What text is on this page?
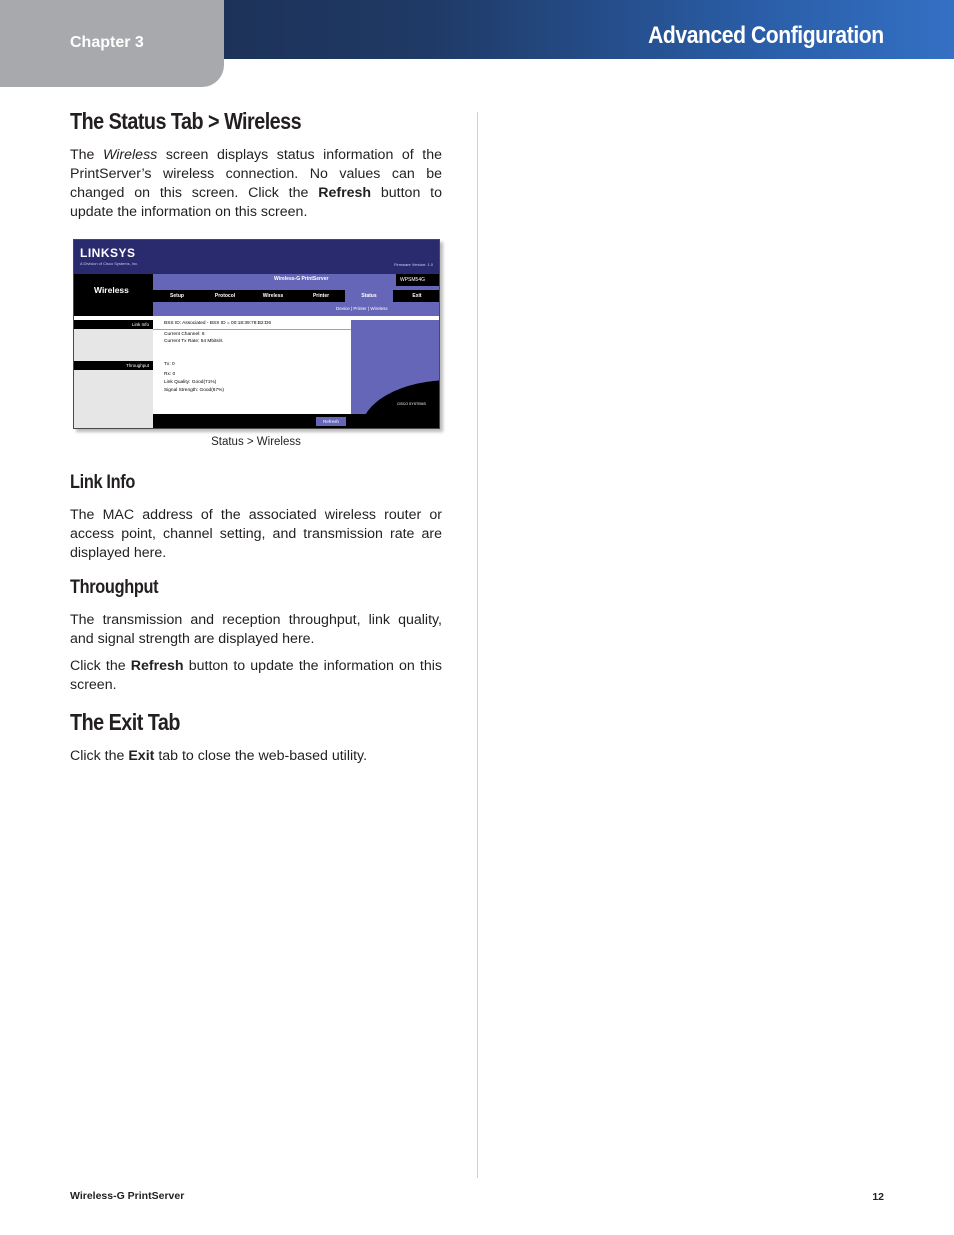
Chapter 3	Advanced Configuration
The Status Tab > Wireless
The Wireless screen displays status information of the PrintServer’s wireless connection. No values can be changed on this screen. Click the Refresh button to update the information on this screen.
LINKSYS
A Division of Cisco Systems, Inc.	Firmware Version: 1.0
Wireless
Wireless-G PrintServer	WPSM54G
Setup	Protocol	Wireless	Printer	Status	Exit
Device | Printer | Wireless
Link Info
Throughput
BSS ID: Associated - BSS ID = 00:18:39:78:B2:D6
Current Channel: 6
Current Tx Rate: 54 Mbits/s
Tx: 0
Rx: 0
Link Quality: Good(71%)
Signal Strength: Good(67%)
Refresh
CISCO SYSTEMS
Status > Wireless
Link Info
The MAC address of the associated wireless router or access point, channel setting, and transmission rate are displayed here.
Throughput
The transmission and reception throughput, link quality, and signal strength are displayed here.
Click the Refresh button to update the information on this screen.
The Exit Tab
Click the Exit tab to close the web-based utility.
Wireless-G PrintServer	12
